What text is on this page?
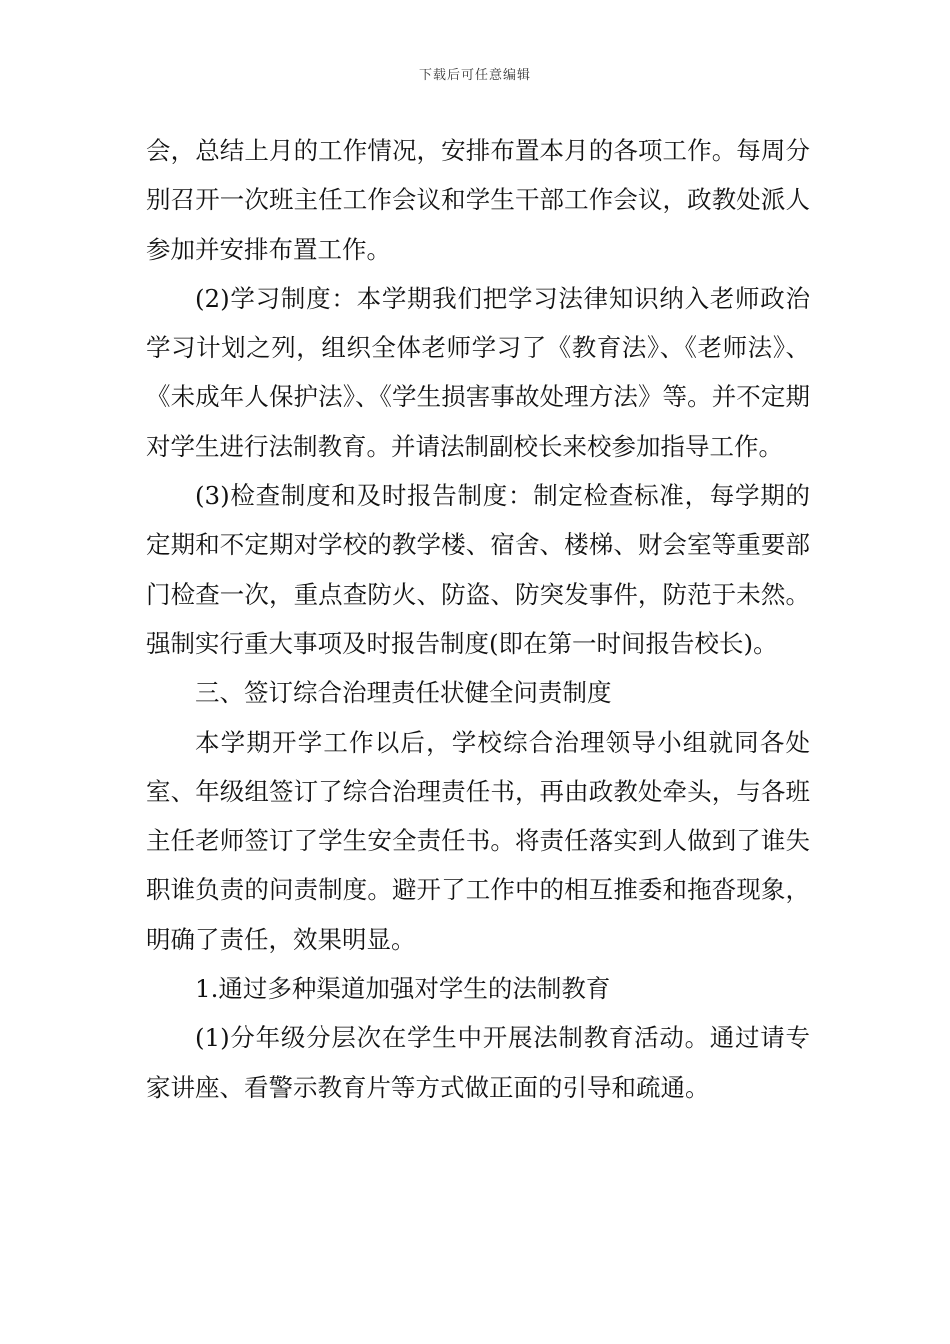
下载后可任意编辑

会，总结上月的工作情况，安排布置本月的各项工作。每周分别召开一次班主任工作会议和学生干部工作会议，政教处派人参加并安排布置工作。

(2)学习制度：本学期我们把学习法律知识纳入老师政治学习计划之列，组织全体老师学习了《教育法》、《老师法》、《未成年人保护法》、《学生损害事故处理方法》等。并不定期对学生进行法制教育。并请法制副校长来校参加指导工作。

(3)检查制度和及时报告制度：制定检查标准，每学期的定期和不定期对学校的教学楼、宿舍、楼梯、财会室等重要部门检查一次，重点查防火、防盗、防突发事件，防范于未然。强制实行重大事项及时报告制度(即在第一时间报告校长)。

三、签订综合治理责任状健全问责制度

本学期开学工作以后，学校综合治理领导小组就同各处室、年级组签订了综合治理责任书，再由政教处牵头，与各班主任老师签订了学生安全责任书。将责任落实到人做到了谁失职谁负责的问责制度。避开了工作中的相互推委和拖沓现象，明确了责任，效果明显。

1.通过多种渠道加强对学生的法制教育

(1)分年级分层次在学生中开展法制教育活动。通过请专家讲座、看警示教育片等方式做正面的引导和疏通。
